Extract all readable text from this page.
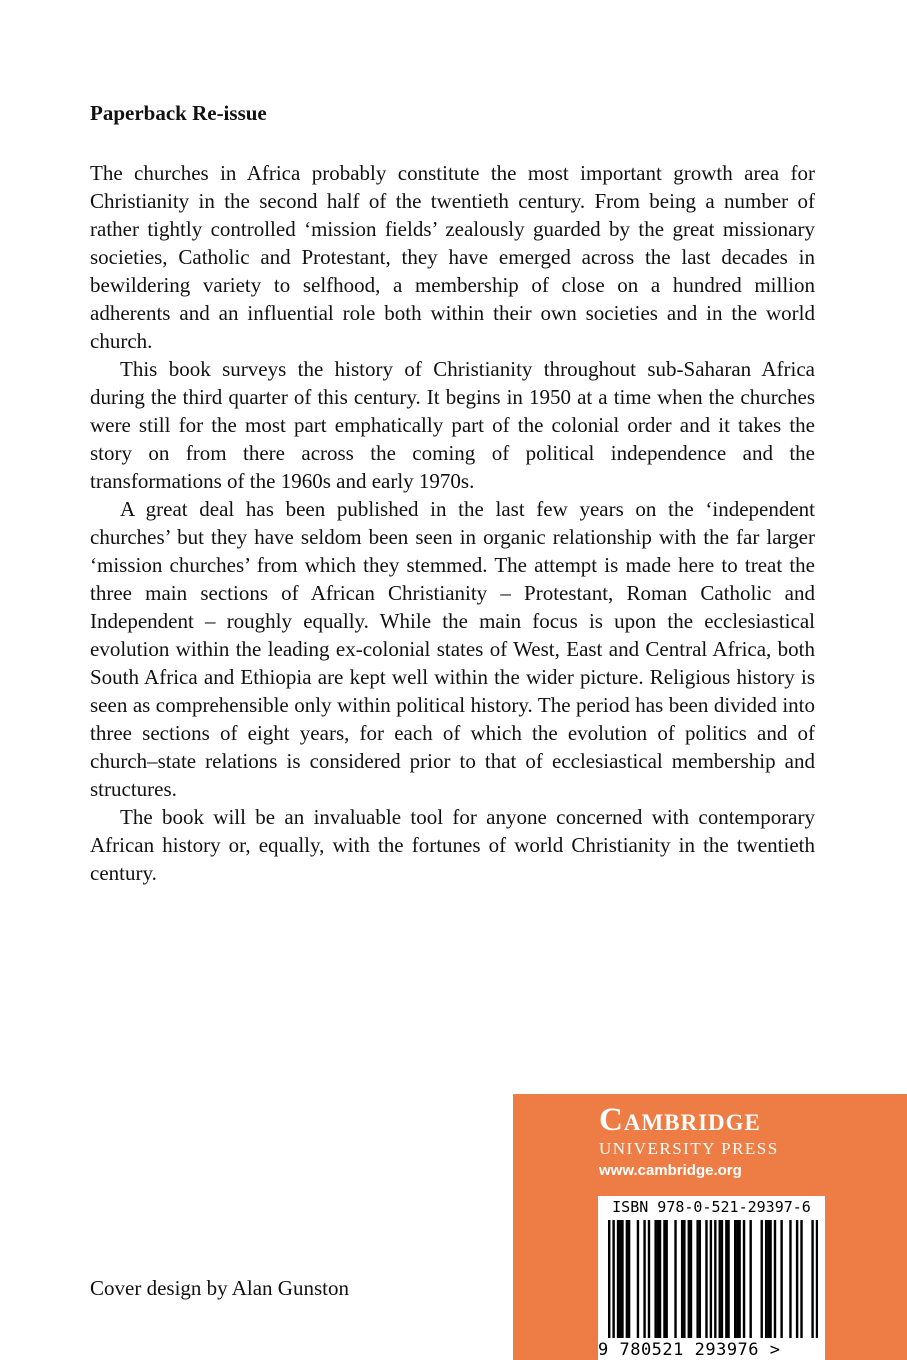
Paperback Re-issue

The churches in Africa probably constitute the most important growth area for Christianity in the second half of the twentieth century. From being a number of rather tightly controlled ‘mission fields’ zealously guarded by the great missionary societies, Catholic and Protestant, they have emerged across the last decades in bewildering variety to selfhood, a membership of close on a hundred million adherents and an influential role both within their own societies and in the world church.

This book surveys the history of Christianity throughout sub-Saharan Africa during the third quarter of this century. It begins in 1950 at a time when the churches were still for the most part emphatically part of the colonial order and it takes the story on from there across the coming of political independence and the transformations of the 1960s and early 1970s.

A great deal has been published in the last few years on the ‘independent churches’ but they have seldom been seen in organic relationship with the far larger ‘mission churches’ from which they stemmed. The attempt is made here to treat the three main sections of African Christianity – Protestant, Roman Catholic and Independent – roughly equally. While the main focus is upon the ecclesiastical evolution within the leading ex-colonial states of West, East and Central Africa, both South Africa and Ethiopia are kept well within the wider picture. Religious history is seen as comprehensible only within political history. The period has been divided into three sections of eight years, for each of which the evolution of politics and of church–state relations is considered prior to that of ecclesiastical membership and structures.

The book will be an invaluable tool for anyone concerned with contemporary African history or, equally, with the fortunes of world Christianity in the twentieth century.

Cover design by Alan Gunston
Cambridge
UNIVERSITY PRESS
www.cambridge.org
ISBN 978-0-521-29397-6
9 780521 293976 >
